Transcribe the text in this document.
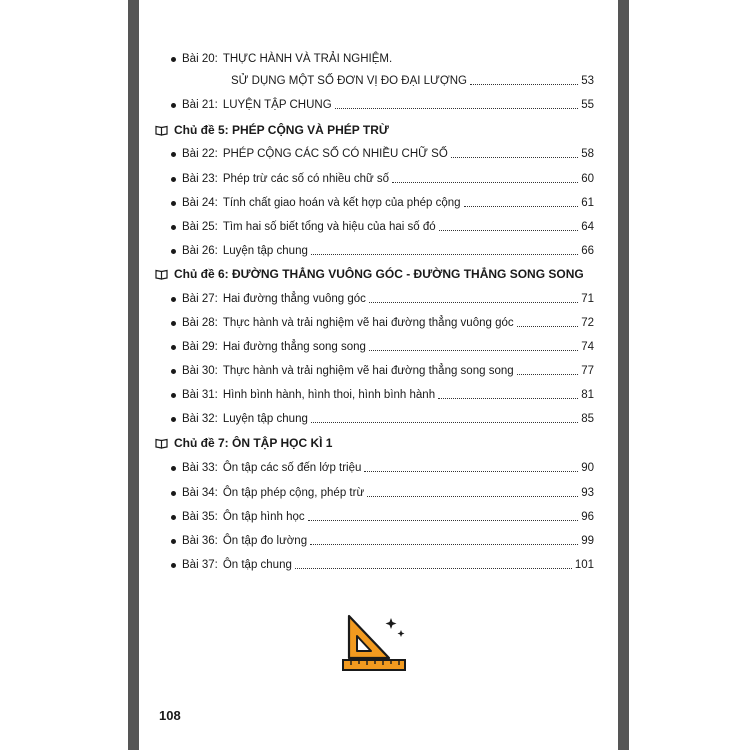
Bài 20: THỰC HÀNH VÀ TRẢI NGHIỆM.
SỬ DỤNG MỘT SỐ ĐƠN VỊ ĐO ĐẠI LƯỢNG	53
Bài 21: LUYỆN TẬP CHUNG	55
Chủ đề 5: PHÉP CỘNG VÀ PHÉP TRỪ
Bài 22: PHÉP CỘNG CÁC SỐ CÓ NHIỀU CHỮ SỐ	58
Bài 23: Phép trừ các số có nhiều chữ số	60
Bài 24: Tính chất giao hoán và kết hợp của phép cộng	61
Bài 25: Tìm hai số biết tổng và hiệu của hai số đó	64
Bài 26: Luyện tập chung	66
Chủ đề 6: ĐƯỜNG THẲNG VUÔNG GÓC - ĐƯỜNG THẲNG SONG SONG
Bài 27: Hai đường thẳng vuông góc	71
Bài 28: Thực hành và trải nghiệm vẽ hai đường thẳng vuông góc	72
Bài 29: Hai đường thẳng song song	74
Bài 30: Thực hành và trải nghiệm vẽ hai đường thẳng song song	77
Bài 31: Hình bình hành, hình thoi, hình bình hành	81
Bài 32: Luyện tập chung	85
Chủ đề 7: ÔN TẬP HỌC KÌ 1
Bài 33: Ôn tập các số đến lớp triệu	90
Bài 34: Ôn tập phép cộng, phép trừ	93
Bài 35: Ôn tập hình học	96
Bài 36: Ôn tập đo lường	99
Bài 37: Ôn tập chung	101
108
